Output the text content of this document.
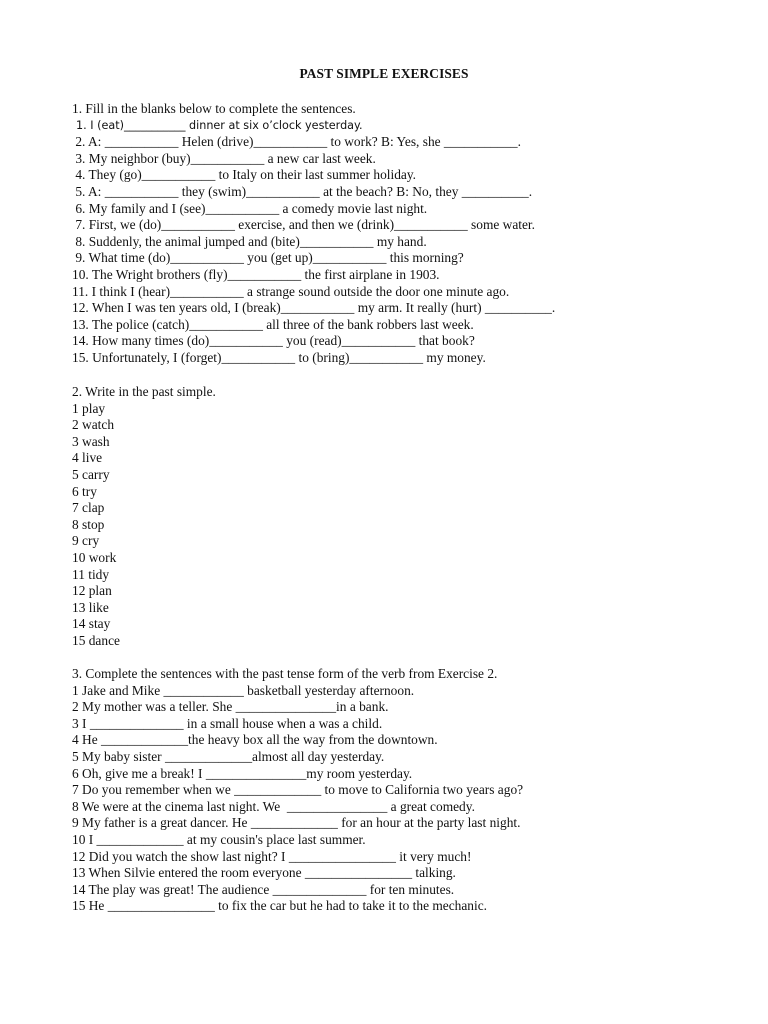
PAST SIMPLE EXERCISES
1. Fill in the blanks below to complete the sentences.
1. I (eat)___________ dinner at six o’clock yesterday.
2. A: ___________ Helen (drive)___________ to work? B: Yes, she ___________.
3. My neighbor (buy)___________ a new car last week.
4. They (go)___________ to Italy on their last summer holiday.
5. A: ___________ they (swim)___________ at the beach? B: No, they __________.
6. My family and I (see)___________ a comedy movie last night.
7. First, we (do)___________ exercise, and then we (drink)___________ some water.
8. Suddenly, the animal jumped and (bite)___________ my hand.
9. What time (do)___________ you (get up)___________ this morning?
10. The Wright brothers (fly)___________ the first airplane in 1903.
11. I think I (hear)___________ a strange sound outside the door one minute ago.
12. When I was ten years old, I (break)___________ my arm. It really (hurt) __________.
13. The police (catch)___________ all three of the bank robbers last week.
14. How many times (do)___________ you (read)___________ that book?
15. Unfortunately, I (forget)___________ to (bring)___________ my money.
2. Write in the past simple.
1 play
2 watch
3 wash
4 live
5 carry
6 try
7 clap
8 stop
9 cry
10 work
11 tidy
12 plan
13 like
14 stay
15 dance
3. Complete the sentences with the past tense form of the verb from Exercise 2.
1 Jake and Mike ____________ basketball yesterday afternoon.
2 My mother was a teller. She _______________in a bank.
3 I ______________ in a small house when a was a child.
4 He _____________the heavy box all the way from the downtown.
5 My baby sister _____________almost all day yesterday.
6 Oh, give me a break! I _______________my room yesterday.
7 Do you remember when we _____________ to move to California two years ago?
8 We were at the cinema last night. We  _______________ a great comedy.
9 My father is a great dancer. He _____________ for an hour at the party last night.
10 I _____________ at my cousin's place last summer.
12 Did you watch the show last night? I ________________ it very much!
13 When Silvie entered the room everyone ________________ talking.
14 The play was great! The audience ______________ for ten minutes.
15 He ________________ to fix the car but he had to take it to the mechanic.
